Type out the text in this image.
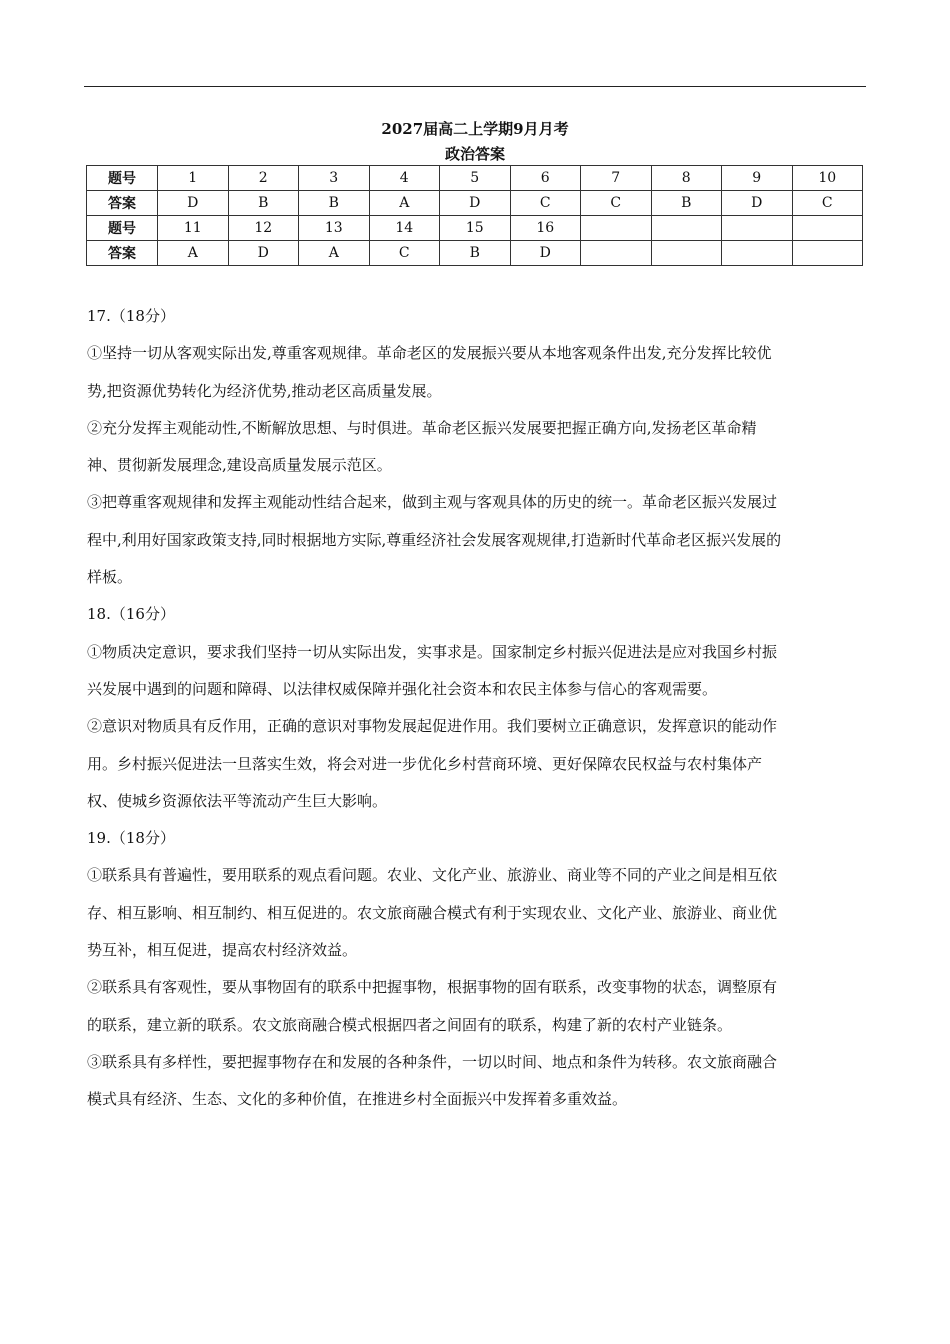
2027届高二上学期9月月考
政治答案
题号	1	2	3	4	5	6	7	8	9	10
答案	D	B	B	A	D	C	C	B	D	C
题号	11	12	13	14	15	16				
答案	A	D	A	C	B	D				

17.（18分）

①坚持一切从客观实际出发,尊重客观规律。革命老区的发展振兴要从本地客观条件出发,充分发挥比较优

势,把资源优势转化为经济优势,推动老区高质量发展。

②充分发挥主观能动性,不断解放思想、与时俱进。革命老区振兴发展要把握正确方向,发扬老区革命精

神、贯彻新发展理念,建设高质量发展示范区。

③把尊重客观规律和发挥主观能动性结合起来，做到主观与客观具体的历史的统一。革命老区振兴发展过

程中,利用好国家政策支持,同时根据地方实际,尊重经济社会发展客观规律,打造新时代革命老区振兴发展的

样板。

18.（16分）

①物质决定意识，要求我们坚持一切从实际出发，实事求是。国家制定乡村振兴促进法是应对我国乡村振

兴发展中遇到的问题和障碍、以法律权威保障并强化社会资本和农民主体参与信心的客观需要。

②意识对物质具有反作用，正确的意识对事物发展起促进作用。我们要树立正确意识，发挥意识的能动作

用。乡村振兴促进法一旦落实生效，将会对进一步优化乡村营商环境、更好保障农民权益与农村集体产

权、使城乡资源依法平等流动产生巨大影响。

19.（18分）

①联系具有普遍性，要用联系的观点看问题。农业、文化产业、旅游业、商业等不同的产业之间是相互依

存、相互影响、相互制约、相互促进的。农文旅商融合模式有利于实现农业、文化产业、旅游业、商业优

势互补，相互促进，提高农村经济效益。

②联系具有客观性，要从事物固有的联系中把握事物，根据事物的固有联系，改变事物的状态，调整原有

的联系，建立新的联系。农文旅商融合模式根据四者之间固有的联系，构建了新的农村产业链条。

③联系具有多样性，要把握事物存在和发展的各种条件，一切以时间、地点和条件为转移。农文旅商融合

模式具有经济、生态、文化的多种价值，在推进乡村全面振兴中发挥着多重效益。
